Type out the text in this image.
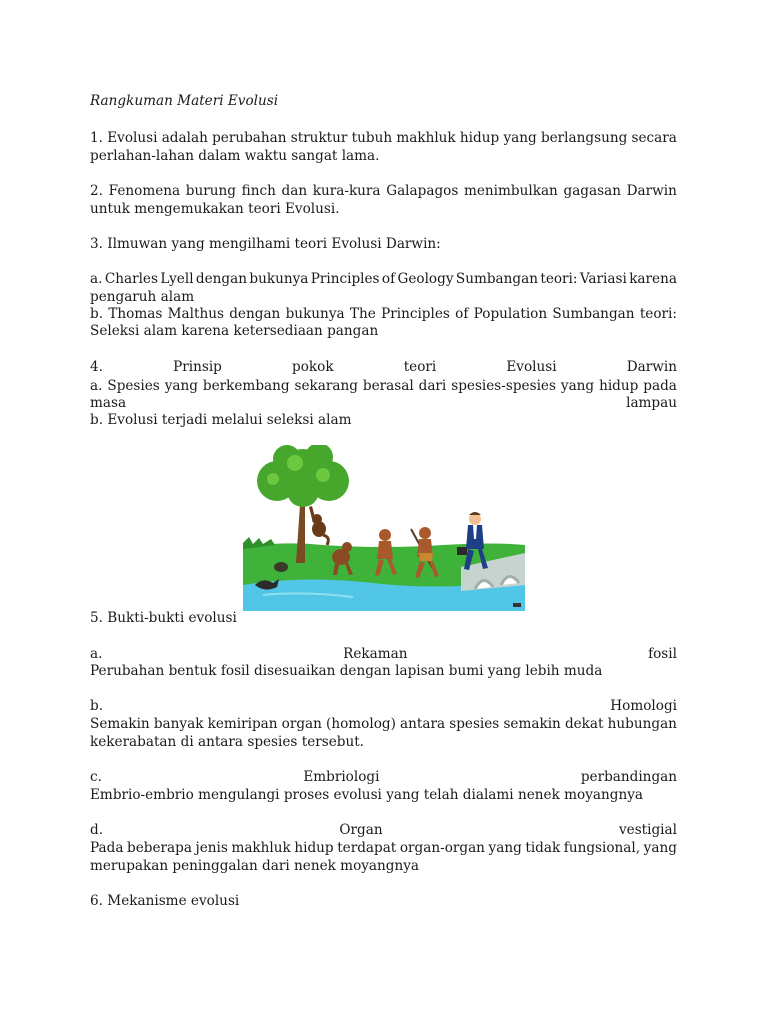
Rangkuman Materi Evolusi
1. Evolusi adalah perubahan struktur tubuh makhluk hidup yang berlangsung secara
perlahan-lahan dalam waktu sangat lama.
2. Fenomena burung finch dan kura-kura Galapagos menimbulkan gagasan Darwin
untuk mengemukakan teori Evolusi.
3. Ilmuwan yang mengilhami teori Evolusi Darwin:
a. Charles Lyell dengan bukunya Principles of Geology Sumbangan teori: Variasi karena
pengaruh alam
b. Thomas Malthus dengan bukunya The Principles of Population Sumbangan teori:
Seleksi alam karena ketersediaan pangan
4.	Prinsip	pokok	teori	Evolusi	Darwin
a. Spesies yang berkembang sekarang berasal dari spesies-spesies yang hidup pada
masa	lampau
b. Evolusi terjadi melalui seleksi alam
5. Bukti-bukti evolusi
a.	Rekaman	fosil
Perubahan bentuk fosil disesuaikan dengan lapisan bumi yang lebih muda
b.	Homologi
Semakin banyak kemiripan organ (homolog) antara spesies semakin dekat hubungan
kekerabatan di antara spesies tersebut.
c.	Embriologi	perbandingan
Embrio-embrio mengulangi proses evolusi yang telah dialami nenek moyangnya
d.	Organ	vestigial
Pada beberapa jenis makhluk hidup terdapat organ-organ yang tidak fungsional, yang
merupakan peninggalan dari nenek moyangnya
6. Mekanisme evolusi
